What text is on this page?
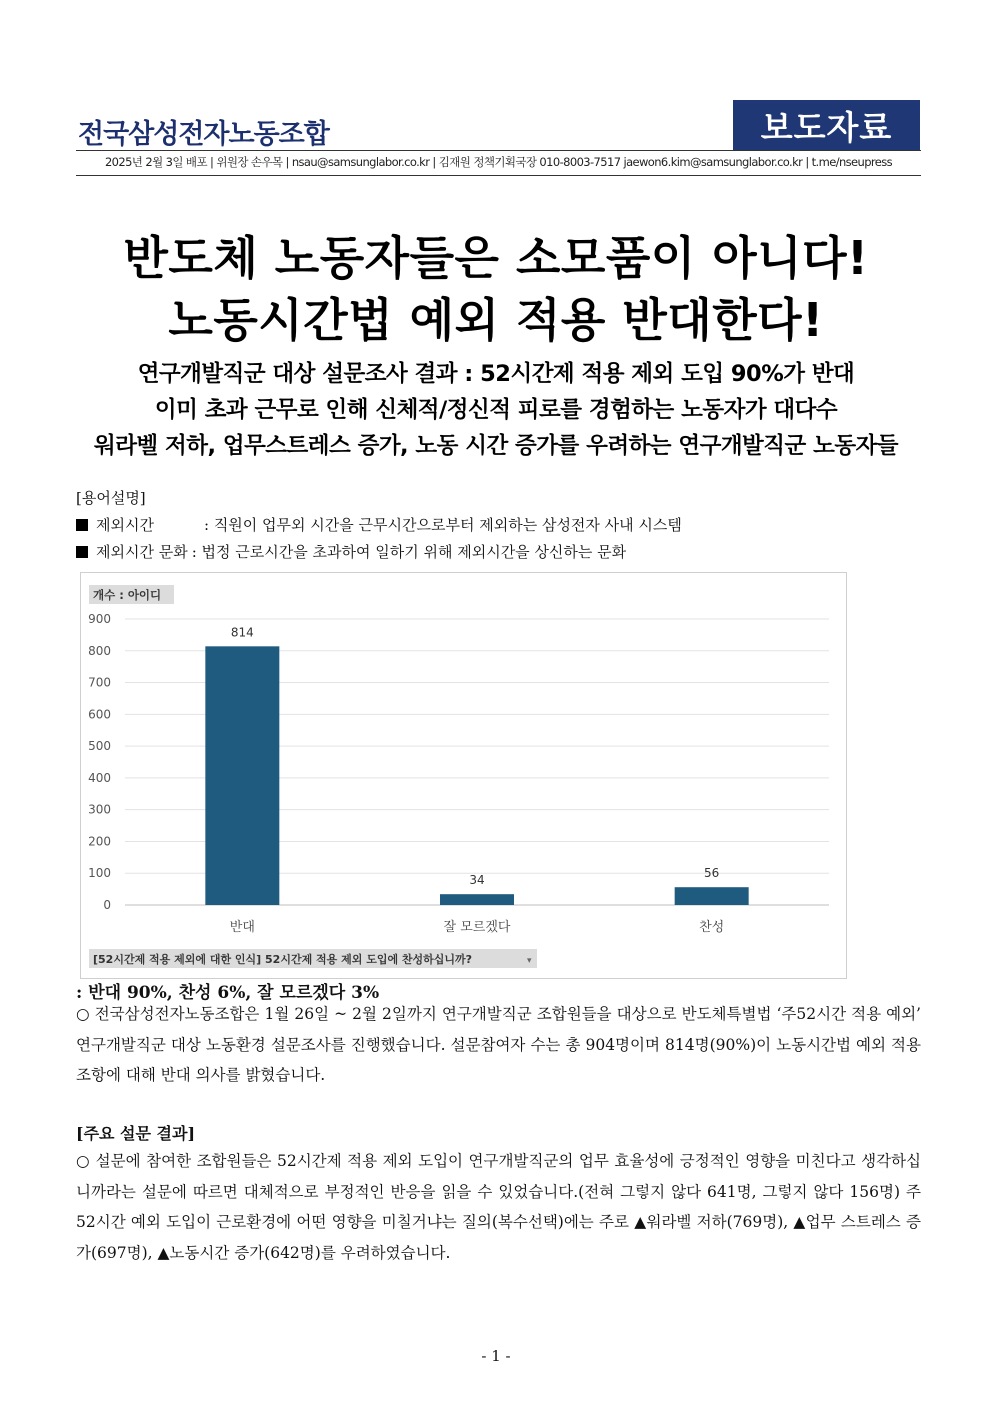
전국삼성전자노동조합	보도자료
2025년 2월 3일 배포 | 위원장 손우목 | nsau@samsunglabor.co.kr | 김재원 정책기획국장 010-8003-7517 jaewon6.kim@samsunglabor.co.kr | t.me/nseupress
반도체 노동자들은 소모품이 아니다!
노동시간법 예외 적용 반대한다!
연구개발직군 대상 설문조사 결과 : 52시간제 적용 제외 도입 90%가 반대
이미 초과 근무로 인해 신체적/정신적 피로를 경험하는 노동자가 대다수
워라벨 저하, 업무스트레스 증가, 노동 시간 증가를 우려하는 연구개발직군 노동자들
[용어설명]
제외시간	: 직원이 업무외 시간을 근무시간으로부터 제외하는 삼성전자 사내 시스템
제외시간 문화 : 법정 근로시간을 초과하여 일하기 위해 제외시간을 상신하는 문화
개수 : 아이디
0
100
200
300
400
500
600
700
800
900
814
반대
34
잘 모르겠다
56
찬성
[52시간제 적용 제외에 대한 인식] 52시간제 적용 제외 도입에 찬성하십니까?	▾
: 반대 90%, 찬성 6%, 잘 모르겠다 3%
○ 전국삼성전자노동조합은 1월 26일 ~ 2월 2일까지 연구개발직군 조합원들을 대상으로 반도체특별법 ‘주52시간 적용 예외’ 연구개발직군 대상 노동환경 설문조사를 진행했습니다. 설문참여자 수는 총 904명이며 814명(90%)이 노동시간법 예외 적용 조항에 대해 반대 의사를 밝혔습니다.
[주요 설문 결과]
○ 설문에 참여한 조합원들은 52시간제 적용 제외 도입이 연구개발직군의 업무 효율성에 긍정적인 영향을 미친다고 생각하십니까라는 설문에 따르면 대체적으로 부정적인 반응을 읽을 수 있었습니다.(전혀 그렇지 않다 641명, 그렇지 않다 156명) 주52시간 예외 도입이 근로환경에 어떤 영향을 미칠거냐는 질의(복수선택)에는 주로 ▲워라벨 저하(769명), ▲업무 스트레스 증가(697명), ▲노동시간 증가(642명)를 우려하였습니다.
- 1 -
